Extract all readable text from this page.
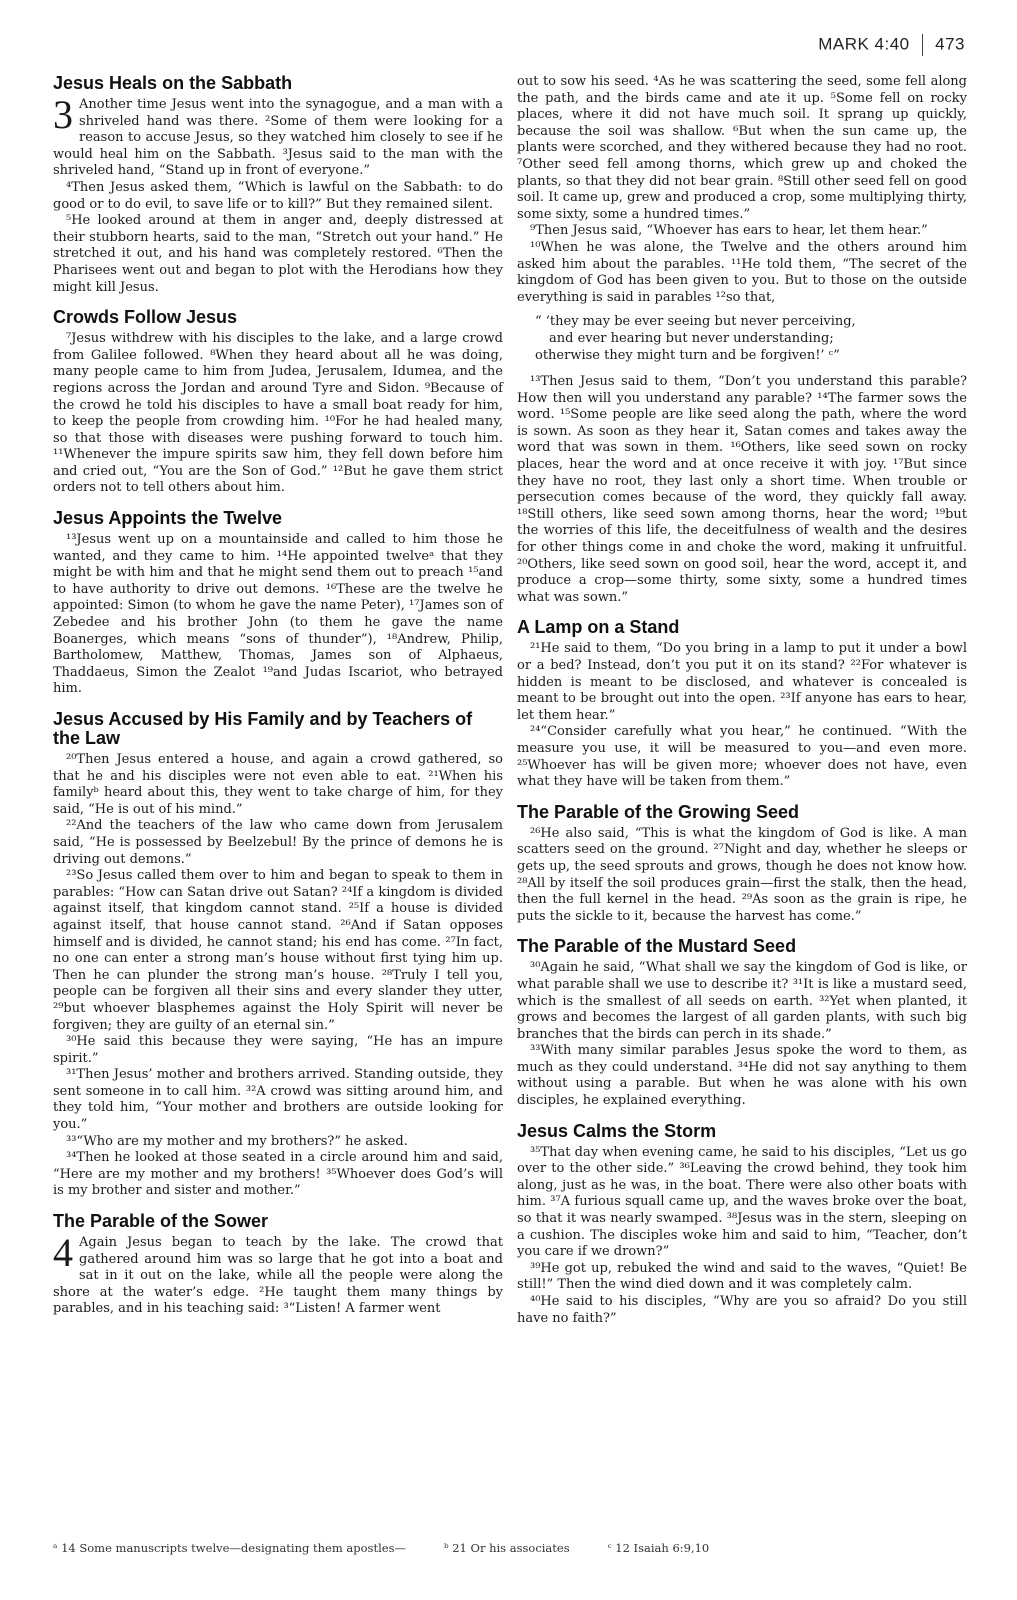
MARK 4:40 473
Jesus Heals on the Sabbath

3 Another time Jesus went into the synagogue, and a man with a shriveled hand was there. ²Some of them were looking for a reason to accuse Jesus, so they watched him closely to see if he would heal him on the Sabbath. ³Jesus said to the man with the shriveled hand, “Stand up in front of everyone.”

⁴Then Jesus asked them, “Which is lawful on the Sabbath: to do good or to do evil, to save life or to kill?” But they remained silent.

⁵He looked around at them in anger and, deeply distressed at their stubborn hearts, said to the man, “Stretch out your hand.” He stretched it out, and his hand was completely restored. ⁶Then the Pharisees went out and began to plot with the Herodians how they might kill Jesus.

Crowds Follow Jesus

⁷Jesus withdrew with his disciples to the lake, and a large crowd from Galilee followed. ⁸When they heard about all he was doing, many people came to him from Judea, Jerusalem, Idumea, and the regions across the Jordan and around Tyre and Sidon. ⁹Because of the crowd he told his disciples to have a small boat ready for him, to keep the people from crowding him. ¹⁰For he had healed many, so that those with diseases were pushing forward to touch him. ¹¹Whenever the impure spirits saw him, they fell down before him and cried out, “You are the Son of God.” ¹²But he gave them strict orders not to tell others about him.

Jesus Appoints the Twelve

¹³Jesus went up on a mountainside and called to him those he wanted, and they came to him. ¹⁴He appointed twelveᵃ that they might be with him and that he might send them out to preach ¹⁵and to have authority to drive out demons. ¹⁶These are the twelve he appointed: Simon (to whom he gave the name Peter), ¹⁷James son of Zebedee and his brother John (to them he gave the name Boanerges, which means “sons of thunder”), ¹⁸Andrew, Philip, Bartholomew, Matthew, Thomas, James son of Alphaeus, Thaddaeus, Simon the Zealot ¹⁹and Judas Iscariot, who betrayed him.

Jesus Accused by His Family and by Teachers of the Law

²⁰Then Jesus entered a house, and again a crowd gathered, so that he and his disciples were not even able to eat. ²¹When his familyᵇ heard about this, they went to take charge of him, for they said, “He is out of his mind.”

²²And the teachers of the law who came down from Jerusalem said, “He is possessed by Beelzebul! By the prince of demons he is driving out demons.”

²³So Jesus called them over to him and began to speak to them in parables: “How can Satan drive out Satan? ²⁴If a kingdom is divided against itself, that kingdom cannot stand. ²⁵If a house is divided against itself, that house cannot stand. ²⁶And if Satan opposes himself and is divided, he cannot stand; his end has come. ²⁷In fact, no one can enter a strong man’s house without first tying him up. Then he can plunder the strong man’s house. ²⁸Truly I tell you, people can be forgiven all their sins and every slander they utter, ²⁹but whoever blasphemes against the Holy Spirit will never be forgiven; they are guilty of an eternal sin.”

³⁰He said this because they were saying, “He has an impure spirit.”

³¹Then Jesus’ mother and brothers arrived. Standing outside, they sent someone in to call him. ³²A crowd was sitting around him, and they told him, “Your mother and brothers are outside looking for you.”

³³“Who are my mother and my brothers?” he asked.

³⁴Then he looked at those seated in a circle around him and said, “Here are my mother and my brothers! ³⁵Whoever does God’s will is my brother and sister and mother.”

The Parable of the Sower

4 Again Jesus began to teach by the lake. The crowd that gathered around him was so large that he got into a boat and sat in it out on the lake, while all the people were along the shore at the water’s edge. ²He taught them many things by parables, and in his teaching said: ³“Listen! A farmer went

out to sow his seed. ⁴As he was scattering the seed, some fell along the path, and the birds came and ate it up. ⁵Some fell on rocky places, where it did not have much soil. It sprang up quickly, because the soil was shallow. ⁶But when the sun came up, the plants were scorched, and they withered because they had no root. ⁷Other seed fell among thorns, which grew up and choked the plants, so that they did not bear grain. ⁸Still other seed fell on good soil. It came up, grew and produced a crop, some multiplying thirty, some sixty, some a hundred times.”

⁹Then Jesus said, “Whoever has ears to hear, let them hear.”

¹⁰When he was alone, the Twelve and the others around him asked him about the parables. ¹¹He told them, “The secret of the kingdom of God has been given to you. But to those on the outside everything is said in parables ¹²so that,

“ ‘they may be ever seeing but never perceiving,
and ever hearing but never understanding;
otherwise they might turn and be forgiven!’ ᶜ”

¹³Then Jesus said to them, “Don’t you understand this parable? How then will you understand any parable? ¹⁴The farmer sows the word. ¹⁵Some people are like seed along the path, where the word is sown. As soon as they hear it, Satan comes and takes away the word that was sown in them. ¹⁶Others, like seed sown on rocky places, hear the word and at once receive it with joy. ¹⁷But since they have no root, they last only a short time. When trouble or persecution comes because of the word, they quickly fall away. ¹⁸Still others, like seed sown among thorns, hear the word; ¹⁹but the worries of this life, the deceitfulness of wealth and the desires for other things come in and choke the word, making it unfruitful. ²⁰Others, like seed sown on good soil, hear the word, accept it, and produce a crop—some thirty, some sixty, some a hundred times what was sown.”

A Lamp on a Stand

²¹He said to them, “Do you bring in a lamp to put it under a bowl or a bed? Instead, don’t you put it on its stand? ²²For whatever is hidden is meant to be disclosed, and whatever is concealed is meant to be brought out into the open. ²³If anyone has ears to hear, let them hear.”

²⁴“Consider carefully what you hear,” he continued. “With the measure you use, it will be measured to you—and even more. ²⁵Whoever has will be given more; whoever does not have, even what they have will be taken from them.”

The Parable of the Growing Seed

²⁶He also said, “This is what the kingdom of God is like. A man scatters seed on the ground. ²⁷Night and day, whether he sleeps or gets up, the seed sprouts and grows, though he does not know how. ²⁸All by itself the soil produces grain—first the stalk, then the head, then the full kernel in the head. ²⁹As soon as the grain is ripe, he puts the sickle to it, because the harvest has come.”

The Parable of the Mustard Seed

³⁰Again he said, “What shall we say the kingdom of God is like, or what parable shall we use to describe it? ³¹It is like a mustard seed, which is the smallest of all seeds on earth. ³²Yet when planted, it grows and becomes the largest of all garden plants, with such big branches that the birds can perch in its shade.”

³³With many similar parables Jesus spoke the word to them, as much as they could understand. ³⁴He did not say anything to them without using a parable. But when he was alone with his own disciples, he explained everything.

Jesus Calms the Storm

³⁵That day when evening came, he said to his disciples, “Let us go over to the other side.” ³⁶Leaving the crowd behind, they took him along, just as he was, in the boat. There were also other boats with him. ³⁷A furious squall came up, and the waves broke over the boat, so that it was nearly swamped. ³⁸Jesus was in the stern, sleeping on a cushion. The disciples woke him and said to him, “Teacher, don’t you care if we drown?”

³⁹He got up, rebuked the wind and said to the waves, “Quiet! Be still!” Then the wind died down and it was completely calm.

⁴⁰He said to his disciples, “Why are you so afraid? Do you still have no faith?”

ᵃ 14 Some manuscripts twelve—designating them apostles—	ᵇ 21 Or his associates	ᶜ 12 Isaiah 6:9,10
